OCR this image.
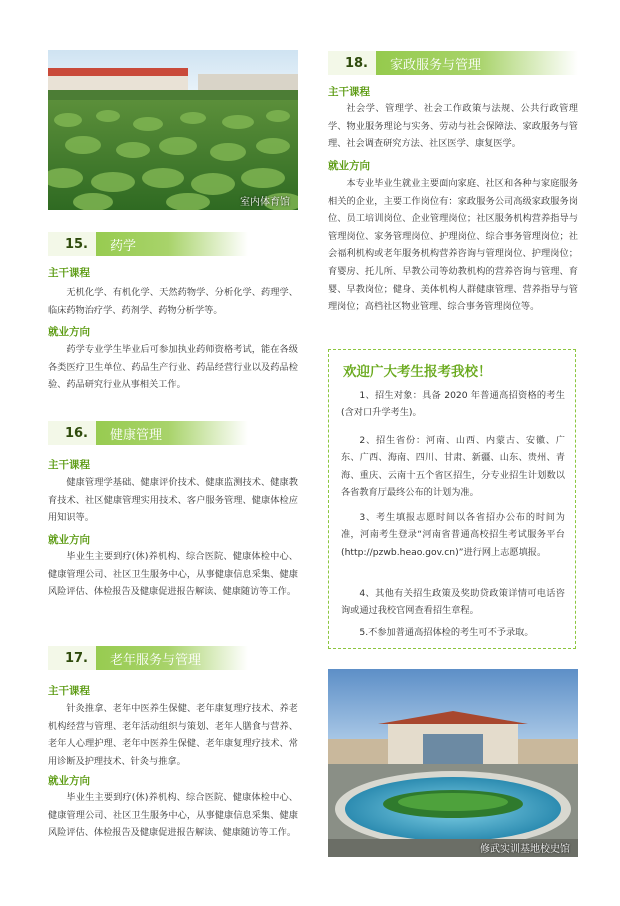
室内体育馆
15.	药学
主干课程

无机化学、有机化学、天然药物学、分析化学、药理学、临床药物治疗学、药剂学、药物分析学等。

就业方向

药学专业学生毕业后可参加执业药师资格考试，能在各级各类医疗卫生单位、药品生产行业、药品经营行业以及药品检验、药品研究行业从事相关工作。

16.	健康管理
主干课程

健康管理学基础、健康评价技术、健康监测技术、健康教育技术、社区健康管理实用技术、客户服务管理、健康体检应用知识等。

就业方向

毕业生主要到疗(休)养机构、综合医院、健康体检中心、健康管理公司、社区卫生服务中心，从事健康信息采集、健康风险评估、体检报告及健康促进报告解读、健康随访等工作。

17.	老年服务与管理
主干课程

针灸推拿、老年中医养生保健、老年康复理疗技术、养老机构经营与管理、老年活动组织与策划、老年人膳食与营养、老年人心理护理、老年中医养生保健、老年康复理疗技术、常用诊断及护理技术、针灸与推拿。

就业方向

毕业生主要到疗(休)养机构、综合医院、健康体检中心、健康管理公司、社区卫生服务中心，从事健康信息采集、健康风险评估、体检报告及健康促进报告解读、健康随访等工作。

18.	家政服务与管理
主干课程

社会学、管理学、社会工作政策与法规、公共行政管理学、物业服务理论与实务、劳动与社会保障法、家政服务与管理、社会调查研究方法、社区医学、康复医学。

就业方向

本专业毕业生就业主要面向家庭、社区和各种与家庭服务相关的企业，主要工作岗位有：家政服务公司高级家政服务岗位、员工培训岗位、企业管理岗位；社区服务机构营养指导与管理岗位、家务管理岗位、护理岗位、综合事务管理岗位；社会福利机构或老年服务机构营养咨询与管理岗位、护理岗位；育婴房、托儿所、早教公司等幼教机构的营养咨询与管理、育婴、早教岗位；健身、美体机构人群健康管理、营养指导与管理岗位；高档社区物业管理、综合事务管理岗位等。

欢迎广大考生报考我校！

1、招生对象：具备 2020 年普通高招资格的考生(含对口升学考生)。

2、招生省份：河南、山西、内蒙古、安徽、广东、广西、海南、四川、甘肃、新疆、山东、贵州、青海、重庆、云南十五个省区招生，分专业招生计划数以各省教育厅最终公布的计划为准。

3、考生填报志愿时间以各省招办公布的时间为准，河南考生登录“河南省普通高校招生考试服务平台(http://pzwb.heao.gov.cn)”进行网上志愿填报。

4、其他有关招生政策及奖助贷政策详情可电话咨询或通过我校官网查看招生章程。

5.不参加普通高招体检的考生可不予录取。

修武实训基地校史馆
